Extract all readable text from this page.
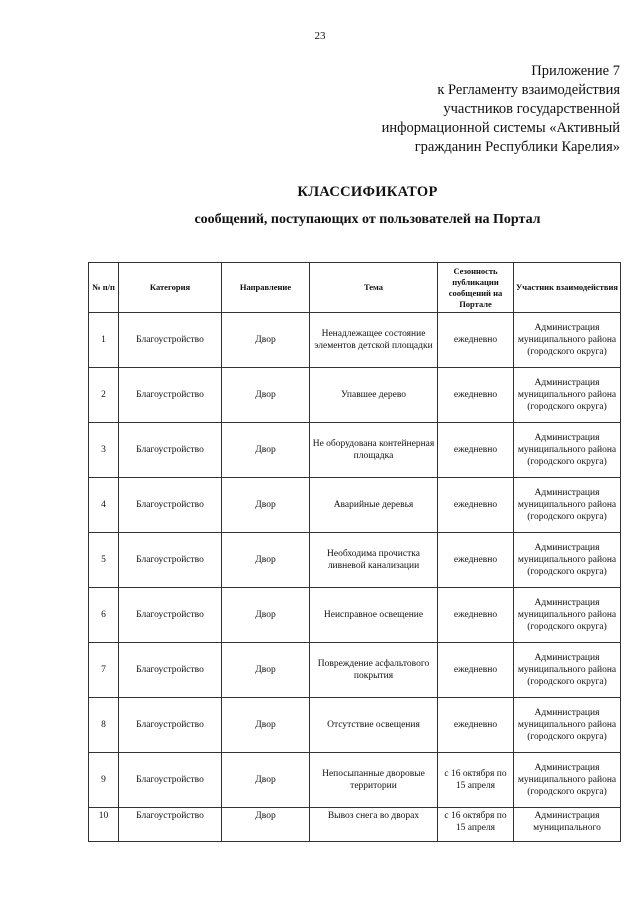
23
Приложение 7
к Регламенту взаимодействия
участников государственной
информационной системы «Активный
гражданин Республики Карелия»
КЛАССИФИКАТОР
сообщений, поступающих от пользователей на Портал
№ п/п	Категория	Направление	Тема	Сезонность публикации сообщений на Портале	Участник взаимодействия
1	Благоустройство	Двор	Ненадлежащее состояние элементов детской площадки	ежедневно	Администрация муниципального района (городского округа)
2	Благоустройство	Двор	Упавшее дерево	ежедневно	Администрация муниципального района (городского округа)
3	Благоустройство	Двор	Не оборудована контейнерная площадка	ежедневно	Администрация муниципального района (городского округа)
4	Благоустройство	Двор	Аварийные деревья	ежедневно	Администрация муниципального района (городского округа)
5	Благоустройство	Двор	Необходима прочистка ливневой канализации	ежедневно	Администрация муниципального района (городского округа)
6	Благоустройство	Двор	Неисправное освещение	ежедневно	Администрация муниципального района (городского округа)
7	Благоустройство	Двор	Повреждение асфальтового покрытия	ежедневно	Администрация муниципального района (городского округа)
8	Благоустройство	Двор	Отсутствие освещения	ежедневно	Администрация муниципального района (городского округа)
9	Благоустройство	Двор	Непосыпанные дворовые территории	с 16 октября по 15 апреля	Администрация муниципального района (городского округа)
10	Благоустройство	Двор	Вывоз снега во дворах	с 16 октября по 15 апреля	Администрация муниципального
